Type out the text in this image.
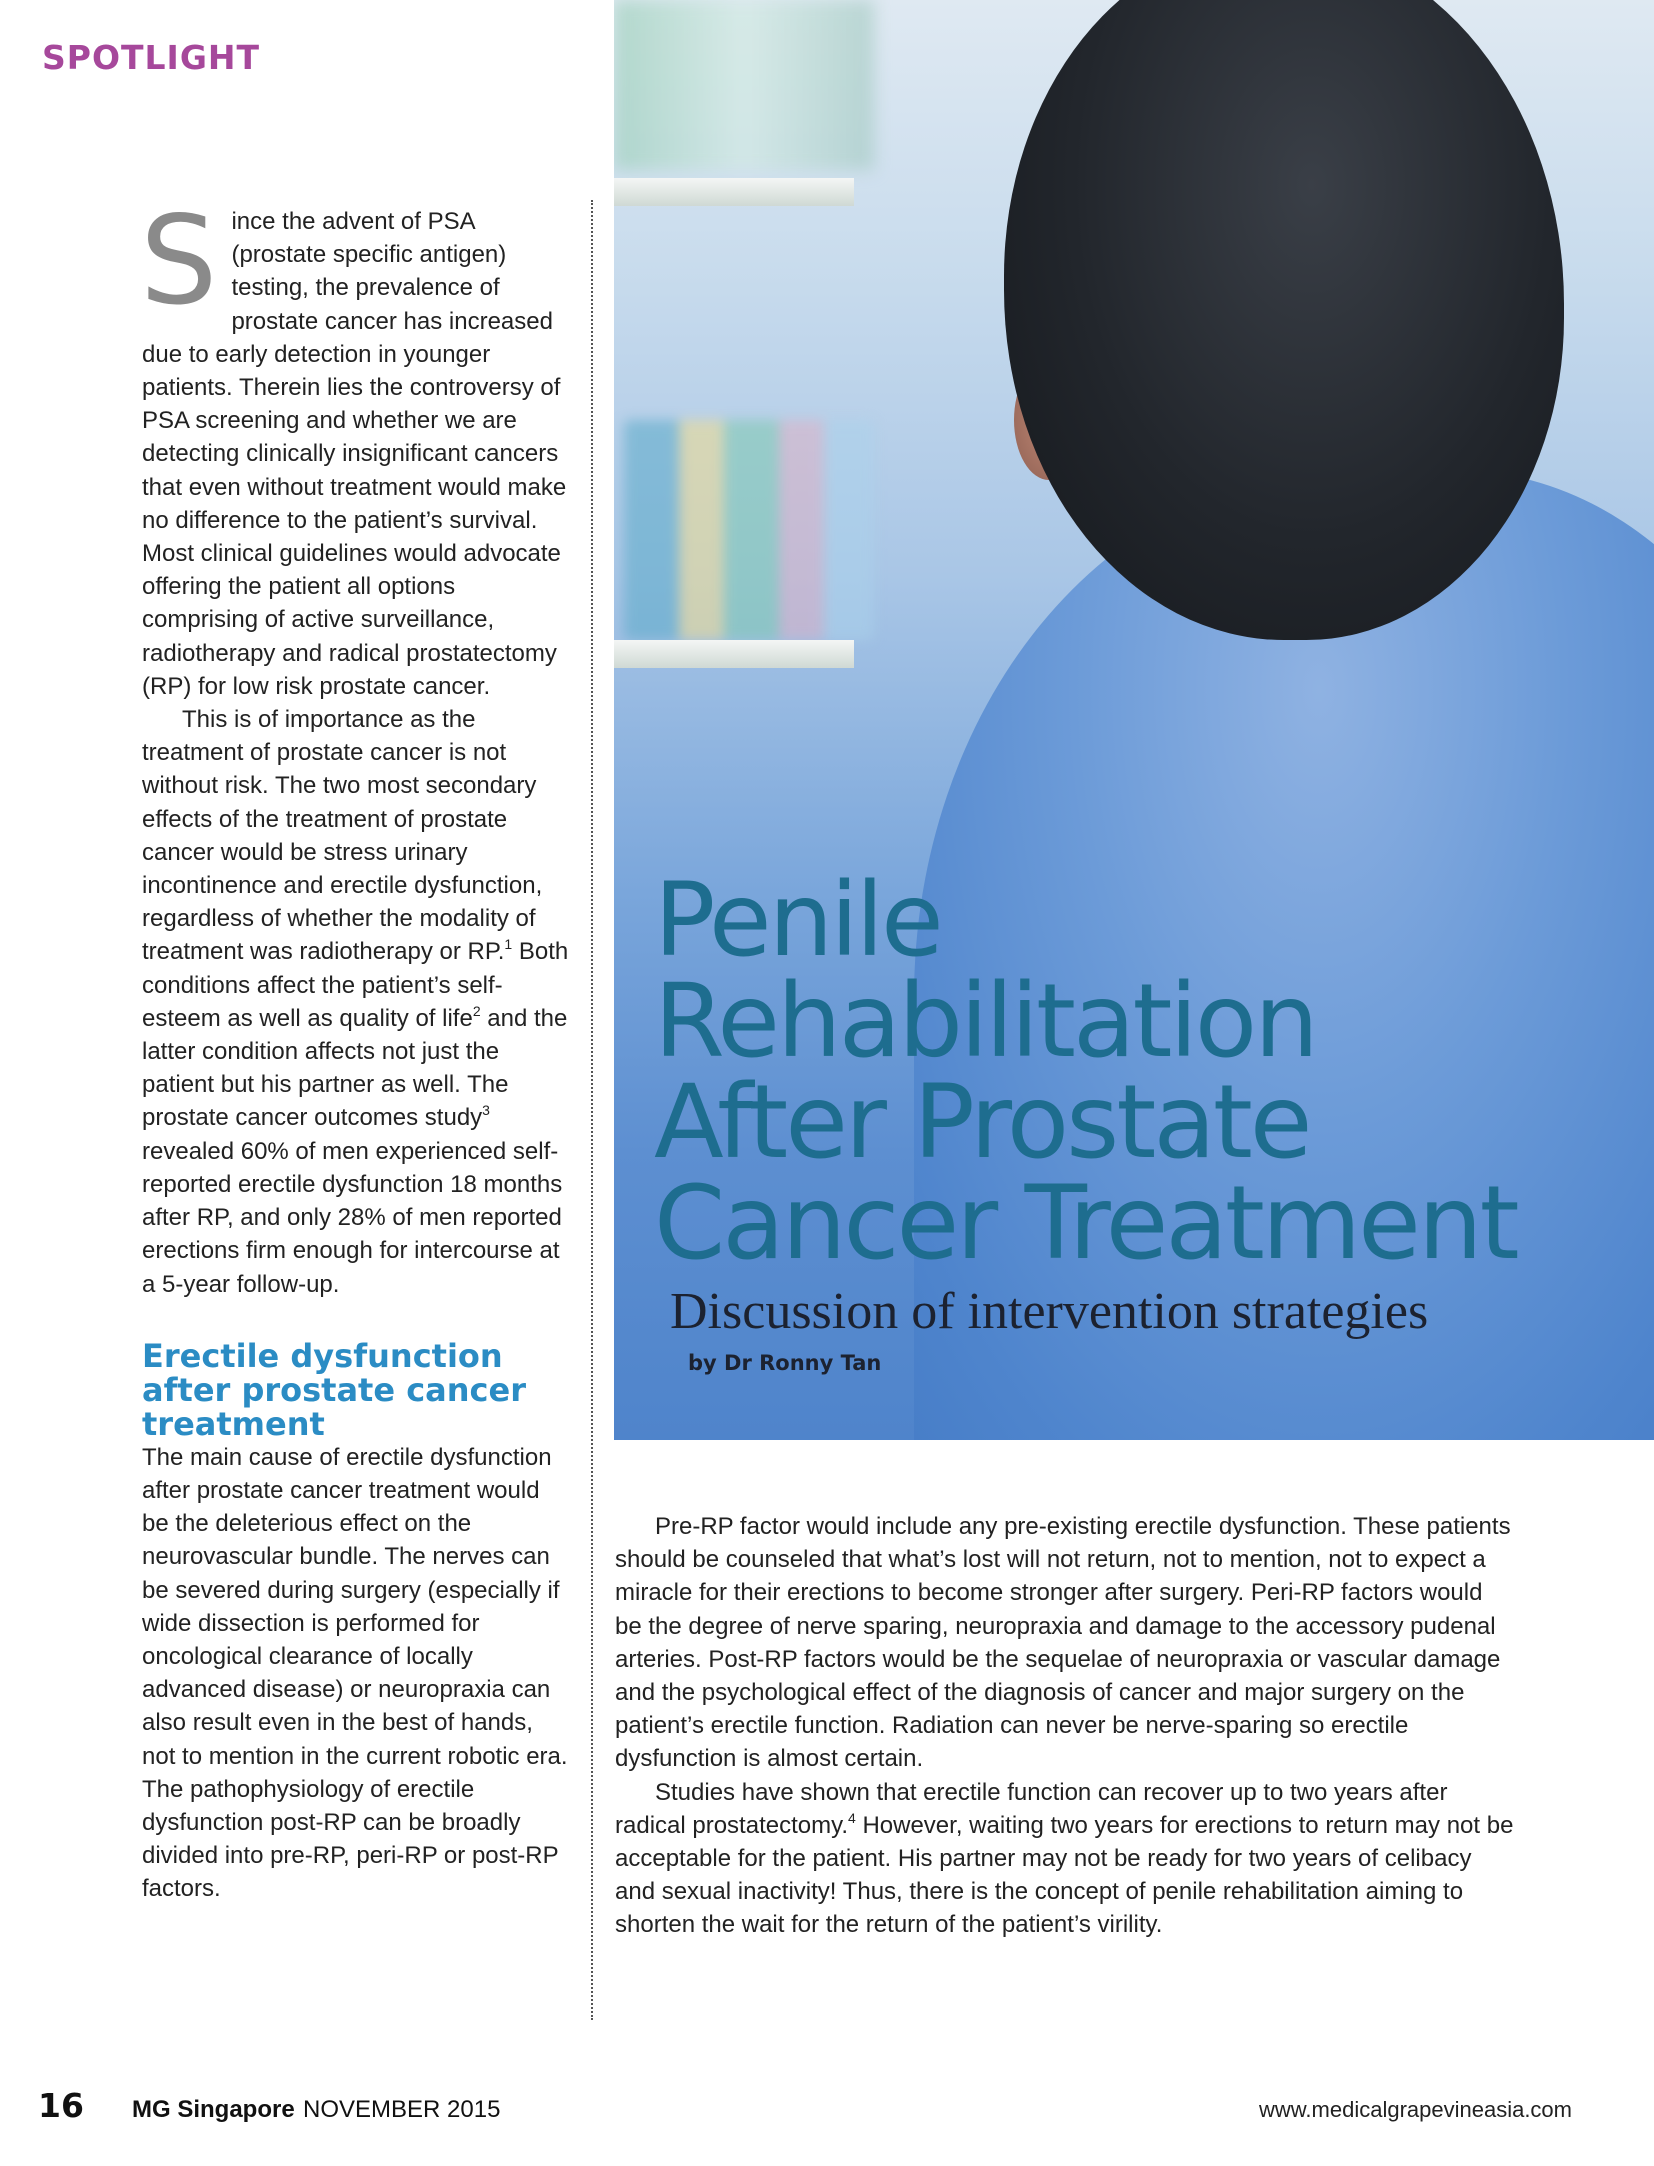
SPOTLIGHT
Penile
Rehabilitation
After Prostate
Cancer Treatment
Discussion of intervention strategies
by Dr Ronny Tan

Since the advent of PSA (prostate specific antigen) testing, the prevalence of prostate cancer has increased due to early detection in younger patients. Therein lies the controversy of PSA screening and whether we are detecting clinically insignificant cancers that even without treatment would make no difference to the patient’s survival. Most clinical guidelines would advocate offering the patient all options comprising of active surveillance, radiotherapy and radical prostatectomy (RP) for low risk prostate cancer.

This is of importance as the treatment of prostate cancer is not without risk. The two most secondary effects of the treatment of prostate cancer would be stress urinary incontinence and erectile dysfunction, regardless of whether the modality of treatment was radiotherapy or RP.$^1$ Both conditions affect the patient’s self-esteem as well as quality of life$^2$ and the latter condition affects not just the patient but his partner as well. The prostate cancer outcomes study$^3$ revealed 60% of men experienced self-reported erectile dysfunction 18 months after RP, and only 28% of men reported erections firm enough for intercourse at a 5-year follow-up.

Erectile dysfunction after prostate cancer treatment

The main cause of erectile dysfunction after prostate cancer treatment would be the deleterious effect on the neurovascular bundle. The nerves can be severed during surgery (especially if wide dissection is performed for oncological clearance of locally advanced disease) or neuropraxia can also result even in the best of hands, not to mention in the current robotic era. The pathophysiology of erectile dysfunction post-RP can be broadly divided into pre-RP, peri-RP or post-RP factors.

Pre-RP factor would include any pre-existing erectile dysfunction. These patients should be counseled that what’s lost will not return, not to mention, not to expect a miracle for their erections to become stronger after surgery. Peri-RP factors would be the degree of nerve sparing, neuropraxia and damage to the accessory pudenal arteries. Post-RP factors would be the sequelae of neuropraxia or vascular damage and the psychological effect of the diagnosis of cancer and major surgery on the patient’s erectile function. Radiation can never be nerve-sparing so erectile dysfunction is almost certain.

Studies have shown that erectile function can recover up to two years after radical prostatectomy.$^4$ However, waiting two years for erections to return may not be acceptable for the patient. His partner may not be ready for two years of celibacy and sexual inactivity! Thus, there is the concept of penile rehabilitation aiming to shorten the wait for the return of the patient’s virility.

16 MG Singapore NOVEMBER 2015	www.medicalgrapevineasia.com
